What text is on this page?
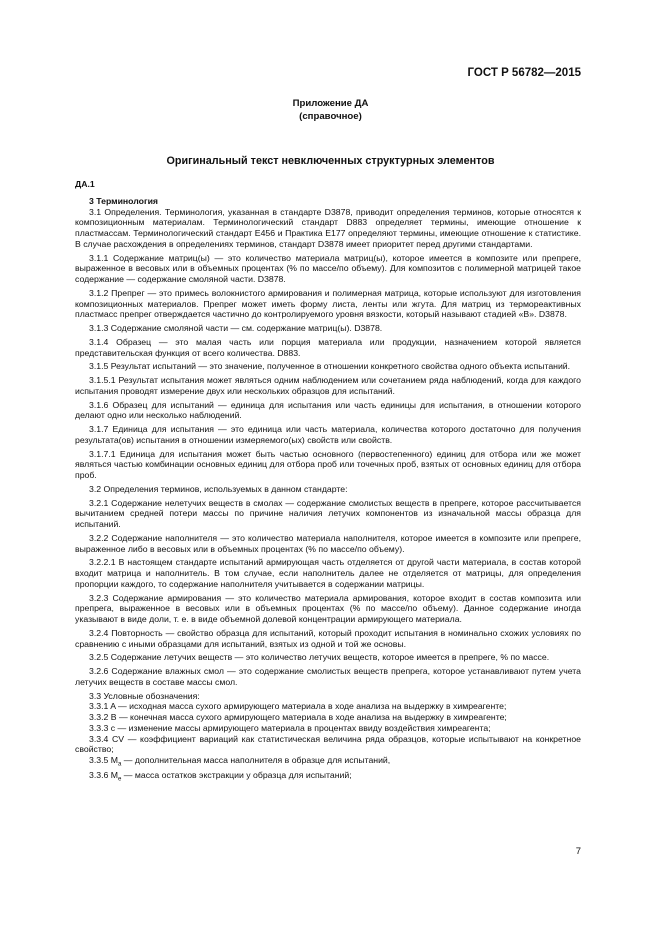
ГОСТ Р 56782—2015
Приложение ДА
(справочное)
Оригинальный текст невключенных структурных элементов

ДА.1

3 Терминология

3.1 Определения. Терминология, указанная в стандарте D3878, приводит определения терминов, которые относятся к композиционным материалам. Терминологический стандарт D883 определяет термины, имеющие отношение к пластмассам. Терминологический стандарт E456 и Практика E177 определяют термины, имеющие отношение к статистике. В случае расхождения в определениях терминов, стандарт D3878 имеет приоритет перед другими стандартами.

3.1.1 Содержание матриц(ы) — это количество материала матриц(ы), которое имеется в композите или препреге, выраженное в весовых или в объемных процентах (% по массе/по объему). Для композитов с полимерной матрицей такое содержание — содержание смоляной части. D3878.

3.1.2 Препрег — это примесь волокнистого армирования и полимерная матрица, которые используют для изготовления композиционных материалов. Препрег может иметь форму листа, ленты или жгута. Для матриц из термореактивных пластмасс препрег отверждается частично до контролируемого уровня вязкости, который называют стадией «B». D3878.

3.1.3 Содержание смоляной части — см. содержание матриц(ы). D3878.

3.1.4 Образец — это малая часть или порция материала или продукции, назначением которой является представительская функция от всего количества. D883.

3.1.5 Результат испытаний — это значение, полученное в отношении конкретного свойства одного объекта испытаний.

3.1.5.1 Результат испытания может являться одним наблюдением или сочетанием ряда наблюдений, когда для каждого испытания проводят измерение двух или нескольких образцов для испытаний.

3.1.6 Образец для испытаний — единица для испытания или часть единицы для испытания, в отношении которого делают одно или несколько наблюдений.

3.1.7 Единица для испытания — это единица или часть материала, количества которого достаточно для получения результата(ов) испытания в отношении измеряемого(ых) свойств или свойств.

3.1.7.1 Единица для испытания может быть частью основного (первостепенного) единиц для отбора или же может являться частью комбинации основных единиц для отбора проб или точечных проб, взятых от основных единиц для отбора проб.

3.2 Определения терминов, используемых в данном стандарте:

3.2.1 Содержание нелетучих веществ в смолах — содержание смолистых веществ в препреге, которое рассчитывается вычитанием средней потери массы по причине наличия летучих компонентов из изначальной массы образца для испытаний.

3.2.2 Содержание наполнителя — это количество материала наполнителя, которое имеется в композите или препреге, выраженное либо в весовых или в объемных процентах (% по массе/по объему).

3.2.2.1 В настоящем стандарте испытаний армирующая часть отделяется от другой части материала, в состав которой входит матрица и наполнитель. В том случае, если наполнитель далее не отделяется от матрицы, для определения пропорции каждого, то содержание наполнителя учитывается в содержании матрицы.

3.2.3 Содержание армирования — это количество материала армирования, которое входит в состав композита или препрега, выраженное в весовых или в объемных процентах (% по массе/по объему). Данное содержание иногда указывают в виде доли, т. е. в виде объемной долевой концентрации армирующего материала.

3.2.4 Повторность — свойство образца для испытаний, который проходит испытания в номинально схожих условиях по сравнению с иными образцами для испытаний, взятых из одной и той же основы.

3.2.5 Содержание летучих веществ — это количество летучих веществ, которое имеется в препреге, % по массе.

3.2.6 Содержание влажных смол — это содержание смолистых веществ препрега, которое устанавливают путем учета летучих веществ в составе массы смол.

3.3 Условные обозначения:

3.3.1 A — исходная масса сухого армирующего материала в ходе анализа на выдержку в химреагенте;

3.3.2 B — конечная масса сухого армирующего материала в ходе анализа на выдержку в химреагенте;

3.3.3 c — изменение массы армирующего материала в процентах ввиду воздействия химреагента;

3.3.4 CV — коэффициент вариаций как статистическая величина ряда образцов, которые испытывают на конкретное свойство;

3.3.5 $M_a$ — дополнительная масса наполнителя в образце для испытаний,

3.3.6 $M_e$ — масса остатков экстракции у образца для испытаний;

7
